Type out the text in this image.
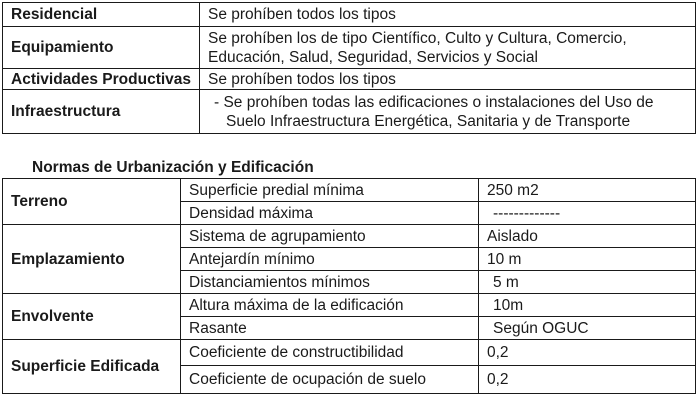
Residencial	Se prohíben todos los tipos
Equipamiento	Se prohíben los de tipo Científico, Culto y Cultura, Comercio,
Educación, Salud, Seguridad, Servicios y Social

Actividades Productivas	Se prohíben todos los tipos
Infraestructura	- Se prohíben todas las edificaciones o instalaciones del Uso de
Suelo Infraestructura Energética, Sanitaria y de Transporte
Normas de Urbanización y Edificación
Terreno	Superficie predial mínima	250 m2
	Densidad máxima	-------------
Emplazamiento	Sistema de agrupamiento	Aislado
	Antejardín mínimo	10 m
	Distanciamientos mínimos	5 m
Envolvente	Altura máxima de la edificación	10m
	Rasante	Según OGUC
Superficie Edificada	Coeficiente de constructibilidad	0,2
	Coeficiente de ocupación de suelo	0,2
